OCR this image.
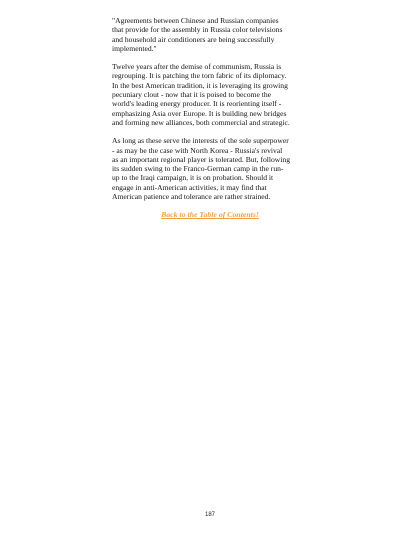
"Agreements between Chinese and Russian companies
that provide for the assembly in Russia color televisions
and household air conditioners are being successfully
implemented."

Twelve years after the demise of communism, Russia is
regrouping. It is patching the torn fabric of its diplomacy.
In the best American tradition, it is leveraging its growing
pecuniary clout - now that it is poised to become the
world's leading energy producer. It is reorienting itself -
emphasizing Asia over Europe. It is building new bridges
and forming new alliances, both commercial and strategic.

As long as these serve the interests of the sole superpower
- as may be the case with North Korea - Russia's revival
as an important regional player is tolerated. But, following
its sudden swing to the Franco-German camp in the run-
up to the Iraqi campaign, it is on probation. Should it
engage in anti-American activities, it may find that
American patience and tolerance are rather strained.

Back to the Table of Contents!
187
